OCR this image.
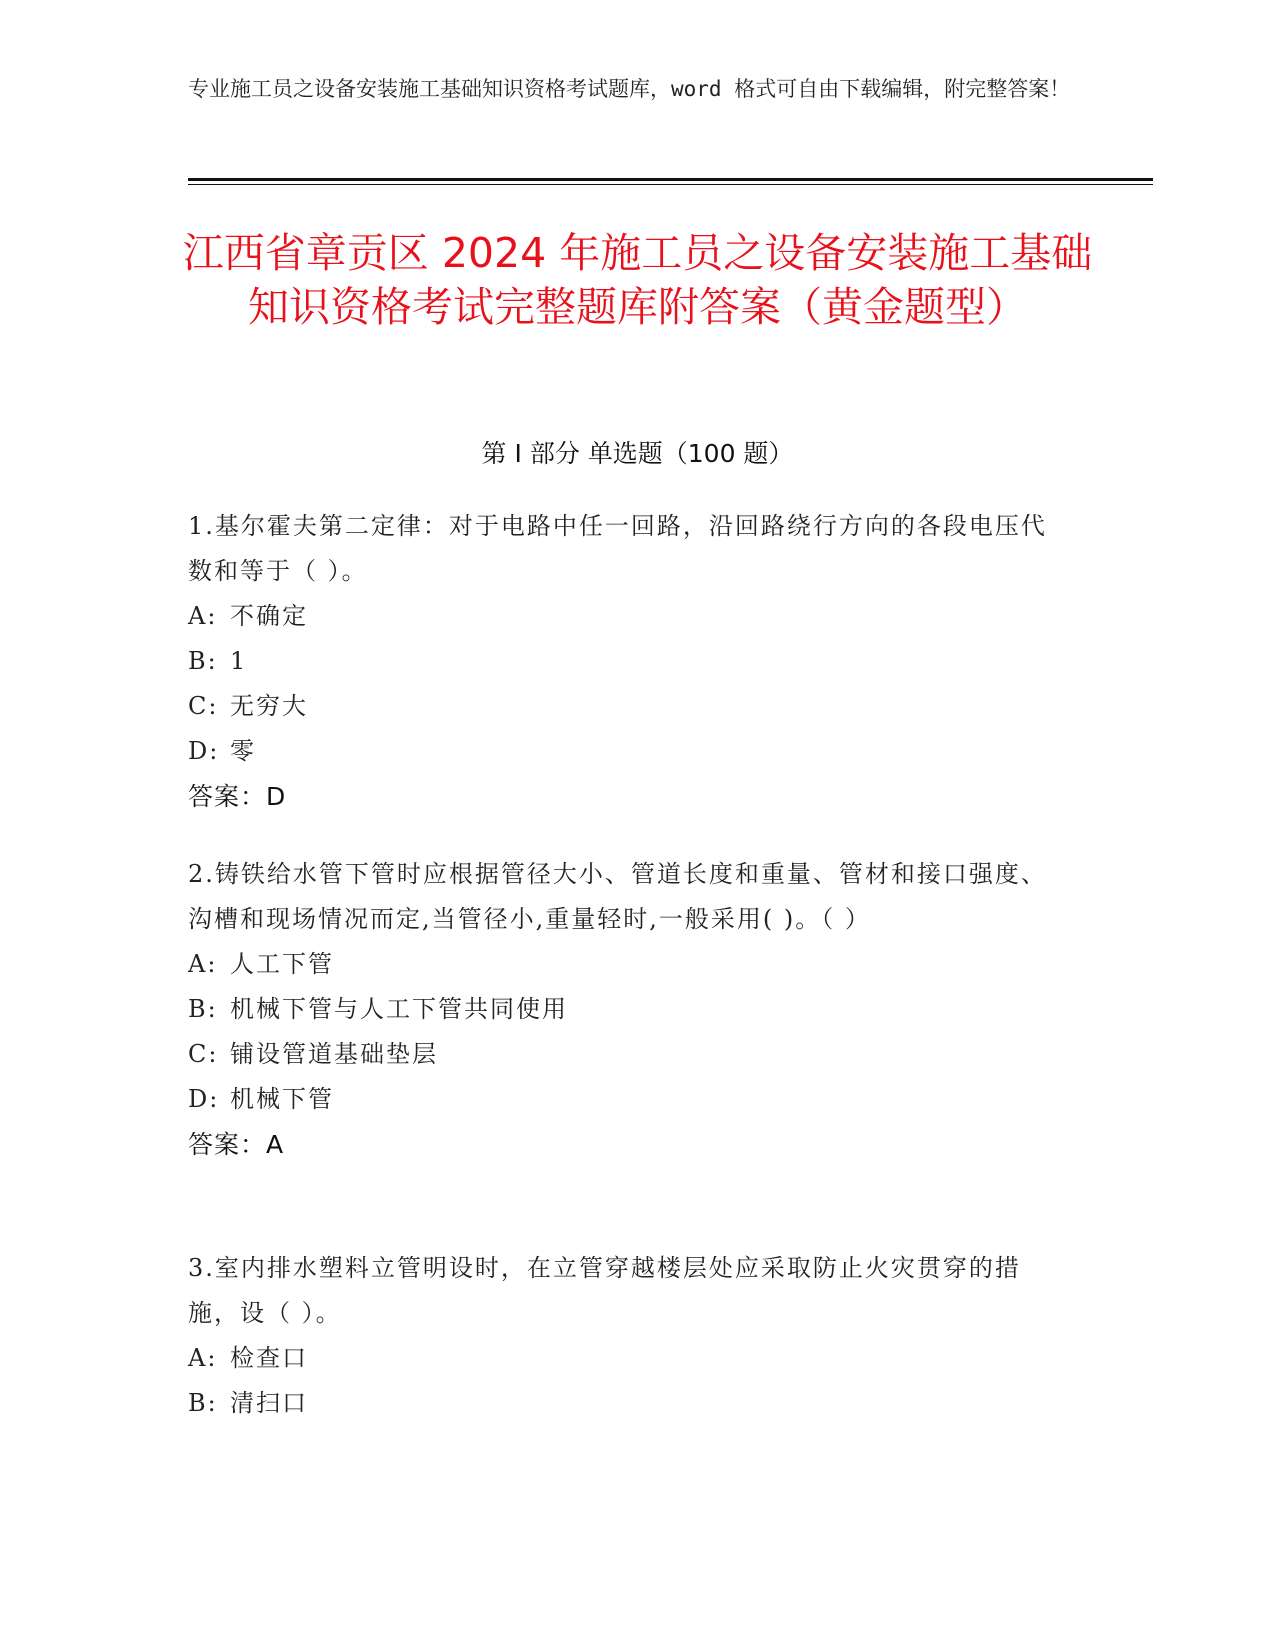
专业施工员之设备安装施工基础知识资格考试题库，word 格式可自由下载编辑，附完整答案！
江西省章贡区 2024 年施工员之设备安装施工基础知识资格考试完整题库附答案（黄金题型）
第 I 部分 单选题（100 题）

1.基尔霍夫第二定律：对于电路中任一回路，沿回路绕行方向的各段电压代数和等于（ ）。

A: 不确定

B: 1

C: 无穷大

D: 零

答案：D

2.铸铁给水管下管时应根据管径大小、管道长度和重量、管材和接口强度、沟槽和现场情况而定,当管径小,重量轻时,一般采用( )。（ ）

A: 人工下管

B: 机械下管与人工下管共同使用

C: 铺设管道基础垫层

D: 机械下管

答案：A

3.室内排水塑料立管明设时，在立管穿越楼层处应采取防止火灾贯穿的措施，设（ ）。

A: 检查口

B: 清扫口
